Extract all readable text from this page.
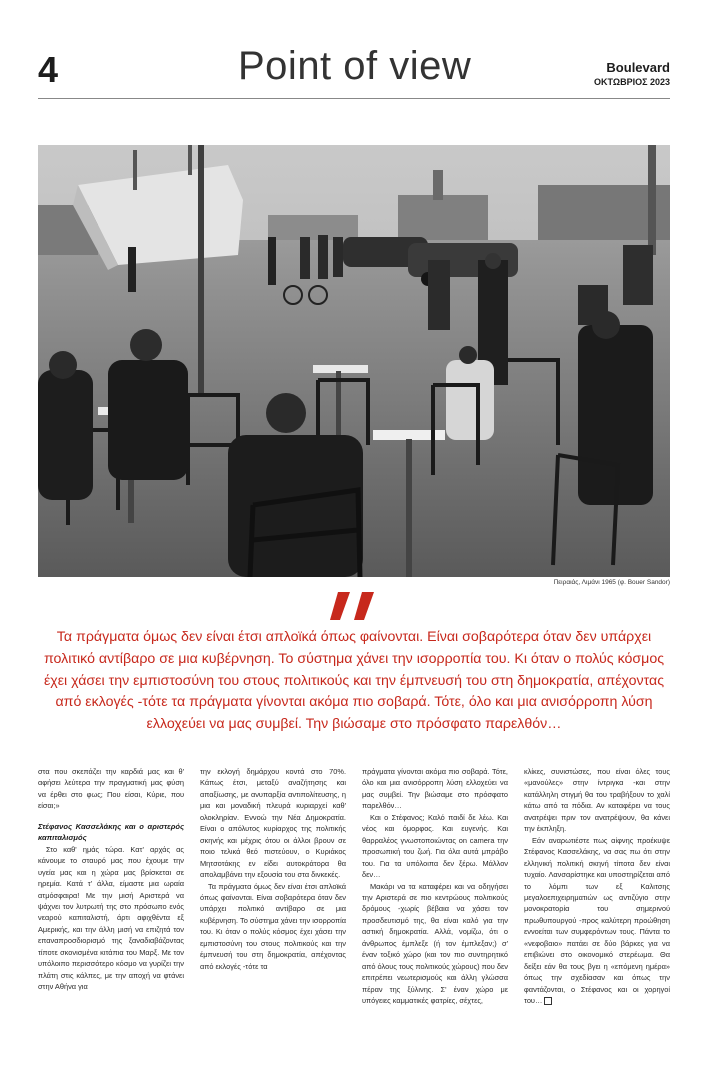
4	Point of view	Boulevard
ΟΚΤΩΒΡΙΟΣ 2023
Πειραιάς, Λιμάνι 1965 (φ. Bouer Sandor)
Τα πράγματα όμως δεν είναι έτσι απλοϊκά όπως φαίνονται. Είναι σοβαρότερα όταν δεν υπάρχει πολιτικό αντίβαρο σε μια κυβέρνηση. Το σύστημα χάνει την ισορροπία του. Κι όταν ο πολύς κόσμος έχει χάσει την εμπιστοσύνη του στους πολιτικούς και την έμπνευσή του στη δημοκρατία, απέχοντας από εκλογές -τότε τα πράγματα γίνονται ακόμα πιο σοβαρά. Τότε, όλο και μια ανισόρροπη λύση ελλοχεύει να μας συμβεί. Την βιώσαμε στο πρόσφατο παρελθόν…

στα που σκεπάζει την καρδιά μας και θ' αφήσει λεύτερα την πραγματική μας φύση να έρθει στο φως; Που είσαι, Κύριε, που είσαι;»

Στέφανος Κασσελάκης και ο αριστερός καπιταλισμός

Στο καθ' ημάς τώρα. Κατ' αρχάς ας κάνουμε το σταυρό μας που έχουμε την υγεία μας και η χώρα μας βρίσκεται σε ηρεμία. Κατά τ' άλλα, είμαστε μια ωραία ατμόσφαιρα! Με την μισή Αριστερά να ψάχνει τον λυτρωτή της στο πρόσωπο ενός νεαρού καπιταλιστή, άρτι αφιχθέντα εξ Αμερικής, και την άλλη μισή να επιζητά τον επαναπροσδιορισμό της ξαναδιαβάζοντας τίποτε σκονισμένα κιτάπια του Μαρξ. Με τον υπόλοιπο περισσότερο κόσμο να γυρίζει την πλάτη στις κάλπες, με την αποχή να φτάνει στην Αθήνα για

την εκλογή δημάρχου κοντά στο 70%. Κάπως έτσι, μεταξύ αναζήτησης και απαξίωσης, με ανυπαρξία αντιπολίτευσης, η μια και μοναδική πλευρά κυριαρχεί καθ' ολοκληρίαν. Εννοώ την Νέα Δημοκρατία. Είναι ο απόλυτος κυρίαρχος της πολιτικής σκηνής και μέχρις ότου οι άλλοι βρουν σε ποιο τελικά θεό πιστεύουν, ο Κυριάκος Μητσοτάκης εν είδει αυτοκράτορα θα απολαμβάνει την εξουσία του στα δινκεκές.

Τα πράγματα όμως δεν είναι έτσι απλοϊκά όπως φαίνονται. Είναι σοβαρότερα όταν δεν υπάρχει πολιτικό αντίβαρο σε μια κυβέρνηση. Το σύστημα χάνει την ισορροπία του. Κι όταν ο πολύς κόσμος έχει χάσει την εμπιστοσύνη του στους πολιτικούς και την έμπνευσή του στη δημοκρατία, απέχοντας από εκλογές -τότε τα

πράγματα γίνονται ακόμα πιο σοβαρά. Τότε, όλο και μια ανισόρροπη λύση ελλοχεύει να μας συμβεί. Την βιώσαμε στο πρόσφατο παρελθόν…

Και ο Στέφανος; Καλό παιδί δε λέω. Και νέος και όμορφος. Και ευγενής. Και θαρραλέος γνωστοποιώντας on camera την προσωπική του ζωή. Για όλα αυτά μπράβο του. Για τα υπόλοιπα δεν ξέρω. Μάλλον δεν…

Μακάρι να τα καταφέρει και να οδηγήσει την Αριστερά σε πιο κεντρώους πολιτικούς δρόμους -χωρίς βέβαια να χάσει τον προσδευτισμό της, θα είναι καλό για την αστική δημοκρατία. Αλλά, νομίζω, ότι ο άνθρωπος έμπλεξε (ή τον έμπλεξαν;) σ' έναν τοξικό χώρο (και τον πιο συντηρητικό από όλους τους πολιτικούς χώρους) που δεν επιτρέπει νεωτερισμούς και άλλη γλώσσα πέραν της ξύλινης. Σ' έναν χώρο με υπόγειες καμματικές φατρίες, σέχτες,

κλίκες, συνιστώσες, που είναι όλες τους «μανούλες» στην ίντριγκα -και στην κατάλληλη στιγμή θα του τραβήξουν το χαλί κάτω από τα πόδια. Αν καταφέρει να τους ανατρέψει πριν τον ανατρέψουν, θα κάνει την έκπληξη.

Εάν αναρωτιέστε πως αίφνης προέκυψε Στέφανος Κασσελάκης, να σας πω ότι στην ελληνική πολιτική σκηνή τίποτα δεν είναι τυχαίο. Λανσαρίστηκε και υποστηρίζεται από το λόμπι των εξ Καλιτσης μεγαλοεπιχειρηματιών ως αντιζύγιο στην μονοκρατορία του σημερινού πρωθυπουργού -προς καλύτερη προώθηση εννοείται των συμφερόντων τους. Πάντα το «νεφοβαιο» πατάει σε δύο βάρκες για να επιβιώνει στο οικονομικό στερέωμα. Θα δείξει εάν θα τους βγει η «επόμενη ημέρα» όπως την σχεδίασαν και όπως την φαντάζονται, ο Στέφανος και οι χορηγοί του…
